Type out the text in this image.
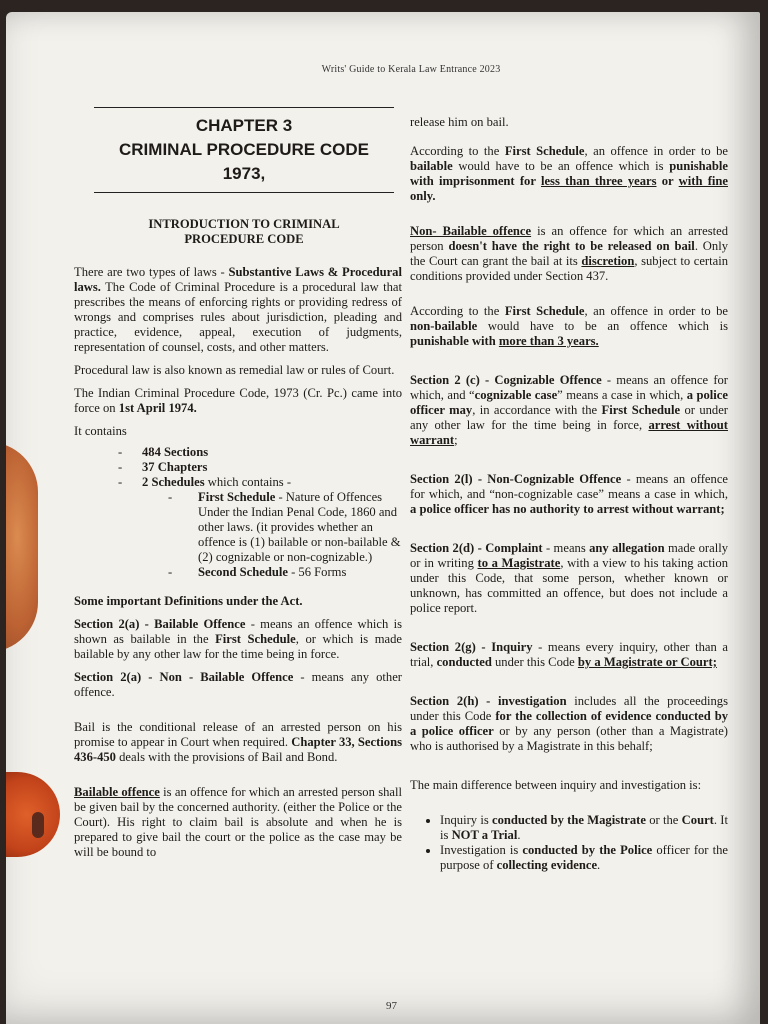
Writs' Guide to Kerala Law Entrance 2023
CHAPTER 3
CRIMINAL PROCEDURE CODE
1973,
INTRODUCTION TO CRIMINAL PROCEDURE CODE

There are two types of laws - Substantive Laws & Procedural laws. The Code of Criminal Procedure is a procedural law that prescribes the means of enforcing rights or providing redress of wrongs and comprises rules about jurisdiction, pleading and practice, evidence, appeal, execution of judgments, representation of counsel, costs, and other matters.

Procedural law is also known as remedial law or rules of Court.

The Indian Criminal Procedure Code, 1973 (Cr. Pc.) came into force on 1st April 1974.

It contains

- 484 Sections
- 37 Chapters
- 2 Schedules which contains -
- First Schedule - Nature of Offences Under the Indian Penal Code, 1860 and other laws. (it provides whether an offence is (1) bailable or non-bailable & (2) cognizable or non-cognizable.)
- Second Schedule - 56 Forms

Some important Definitions under the Act.

Section 2(a) - Bailable Offence - means an offence which is shown as bailable in the First Schedule, or which is made bailable by any other law for the time being in force.

Section 2(a) - Non - Bailable Offence - means any other offence.

Bail is the conditional release of an arrested person on his promise to appear in Court when required. Chapter 33, Sections 436-450 deals with the provisions of Bail and Bond.

Bailable offence is an offence for which an arrested person shall be given bail by the concerned authority. (either the Police or the Court). His right to claim bail is absolute and when he is prepared to give bail the court or the police as the case may be will be bound to

release him on bail.

According to the First Schedule, an offence in order to be bailable would have to be an offence which is punishable with imprisonment for less than three years or with fine only.

Non- Bailable offence is an offence for which an arrested person doesn't have the right to be released on bail. Only the Court can grant the bail at its discretion, subject to certain conditions provided under Section 437.

According to the First Schedule, an offence in order to be non-bailable would have to be an offence which is punishable with more than 3 years.

Section 2 (c) - Cognizable Offence - means an offence for which, and “cognizable case” means a case in which, a police officer may, in accordance with the First Schedule or under any other law for the time being in force, arrest without warrant;

Section 2(l) - Non-Cognizable Offence - means an offence for which, and “non-cognizable case” means a case in which, a police officer has no authority to arrest without warrant;

Section 2(d) - Complaint - means any allegation made orally or in writing to a Magistrate, with a view to his taking action under this Code, that some person, whether known or unknown, has committed an offence, but does not include a police report.

Section 2(g) - Inquiry - means every inquiry, other than a trial, conducted under this Code by a Magistrate or Court;

Section 2(h) - investigation includes all the proceedings under this Code for the collection of evidence conducted by a police officer or by any person (other than a Magistrate) who is authorised by a Magistrate in this behalf;

The main difference between inquiry and investigation is:

• Inquiry is conducted by the Magistrate or the Court. It is NOT a Trial.
• Investigation is conducted by the Police officer for the purpose of collecting evidence.
97
